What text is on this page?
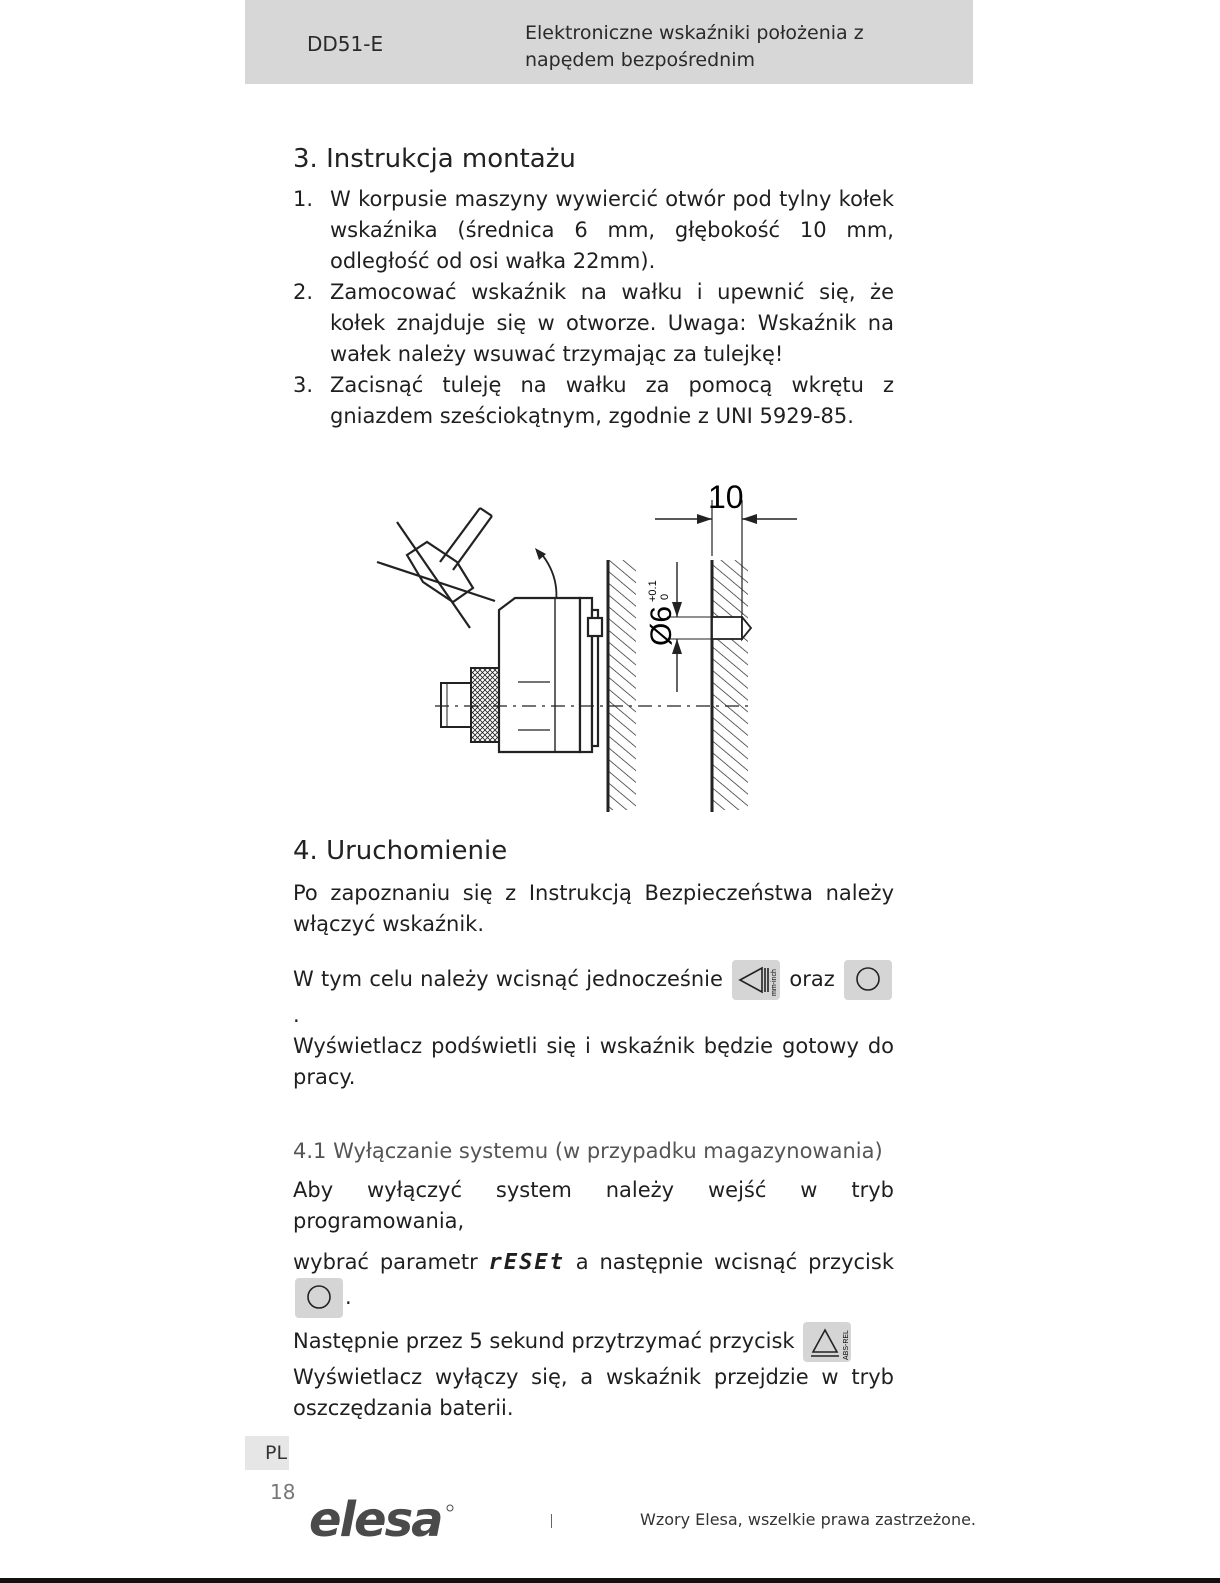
DD51-E	Elektroniczne wskaźniki położenia z napędem bezpośrednim
3. Instrukcja montażu
1. W korpusie maszyny wywiercić otwór pod tylny kołek wskaźnika (średnica 6 mm, głębokość 10 mm, odległość od osi wałka 22mm).
2. Zamocować wskaźnik na wałku i upewnić się, że kołek znajduje się w otworze. Uwaga: Wskaźnik na wałek należy wsuwać trzymając za tulejkę!
3. Zacisnąć tuleję na wałku za pomocą wkrętu z gniazdem sześciokątnym, zgodnie z UNI 5929-85.
Ø6
+0.1 0
10
4. Uruchomienie

Po zapoznaniu się z Instrukcją Bezpieczeństwa należy włączyć wskaźnik.

W tym celu należy wcisnąć jednocześnie	mm-inch oraz .
Wyświetlacz podświetli się i wskaźnik będzie gotowy do pracy.

4.1 Wyłączanie systemu (w przypadku magazynowania)

Aby wyłączyć system należy wejść w tryb programowania,

wybrać parametr rESEt a następnie wcisnąć przycisk .

Następnie przez 5 sekund przytrzymać przycisk	ABS-REL
Wyświetlacz wyłączy się, a wskaźnik przejdzie w tryb oszczędzania baterii.

PL
18 elesa	Wzory Elesa, wszelkie prawa zastrzeżone.
